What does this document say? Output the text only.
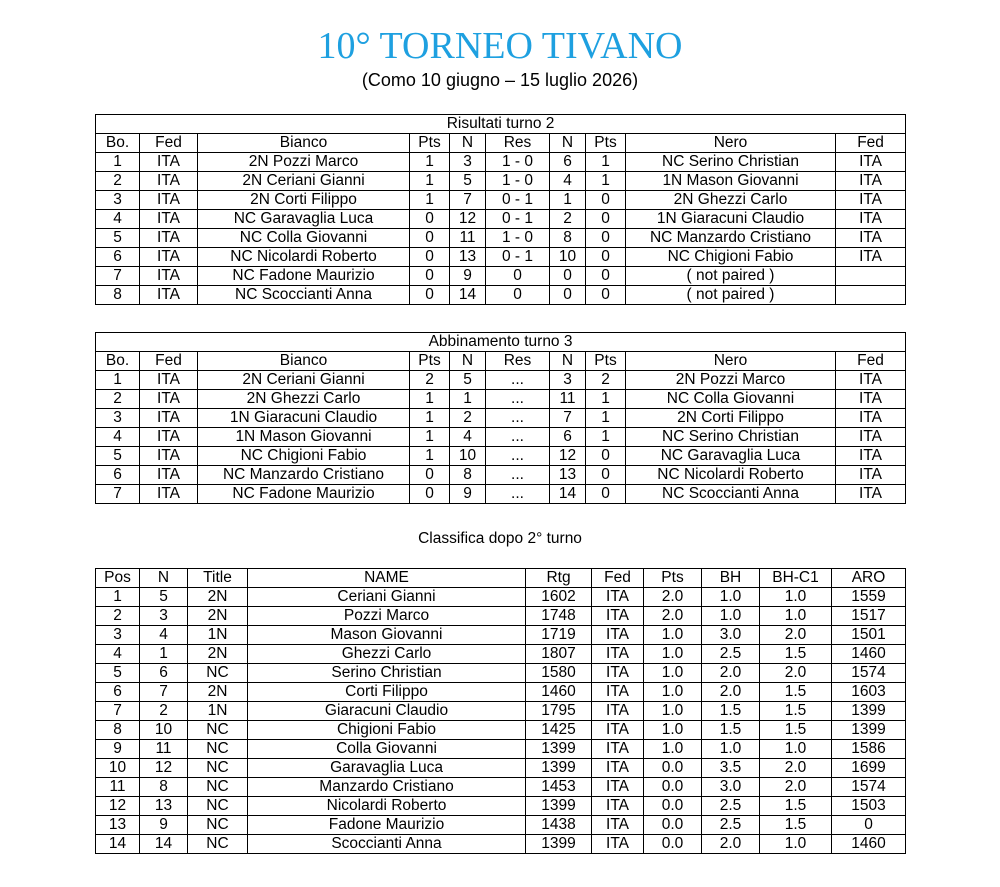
10° TORNEO TIVANO
(Como 10 giugno – 15 luglio 2026)
Risultati turno 2									
Bo.	Fed	Bianco	Pts	N	Res	N	Pts	Nero	Fed
1	ITA	2N Pozzi Marco	1	3	1 - 0	6	1	NC Serino Christian	ITA
2	ITA	2N Ceriani Gianni	1	5	1 - 0	4	1	1N Mason Giovanni	ITA
3	ITA	2N Corti Filippo	1	7	0 - 1	1	0	2N Ghezzi Carlo	ITA
4	ITA	NC Garavaglia Luca	0	12	0 - 1	2	0	1N Giaracuni Claudio	ITA
5	ITA	NC Colla Giovanni	0	11	1 - 0	8	0	NC Manzardo Cristiano	ITA
6	ITA	NC Nicolardi Roberto	0	13	0 - 1	10	0	NC Chigioni Fabio	ITA
7	ITA	NC Fadone Maurizio	0	9	0	0	0	( not paired )	
8	ITA	NC Scoccianti Anna	0	14	0	0	0	( not paired )	
Abbinamento turno 3									
Bo.	Fed	Bianco	Pts	N	Res	N	Pts	Nero	Fed
1	ITA	2N Ceriani Gianni	2	5	...	3	2	2N Pozzi Marco	ITA
2	ITA	2N Ghezzi Carlo	1	1	...	11	1	NC Colla Giovanni	ITA
3	ITA	1N Giaracuni Claudio	1	2	...	7	1	2N Corti Filippo	ITA
4	ITA	1N Mason Giovanni	1	4	...	6	1	NC Serino Christian	ITA
5	ITA	NC Chigioni Fabio	1	10	...	12	0	NC Garavaglia Luca	ITA
6	ITA	NC Manzardo Cristiano	0	8	...	13	0	NC Nicolardi Roberto	ITA
7	ITA	NC Fadone Maurizio	0	9	...	14	0	NC Scoccianti Anna	ITA
Classifica dopo 2° turno
Pos	N	Title	NAME	Rtg	Fed	Pts	BH	BH-C1	ARO
1	5	2N	Ceriani Gianni	1602	ITA	2.0	1.0	1.0	1559
2	3	2N	Pozzi Marco	1748	ITA	2.0	1.0	1.0	1517
3	4	1N	Mason Giovanni	1719	ITA	1.0	3.0	2.0	1501
4	1	2N	Ghezzi Carlo	1807	ITA	1.0	2.5	1.5	1460
5	6	NC	Serino Christian	1580	ITA	1.0	2.0	2.0	1574
6	7	2N	Corti Filippo	1460	ITA	1.0	2.0	1.5	1603
7	2	1N	Giaracuni Claudio	1795	ITA	1.0	1.5	1.5	1399
8	10	NC	Chigioni Fabio	1425	ITA	1.0	1.5	1.5	1399
9	11	NC	Colla Giovanni	1399	ITA	1.0	1.0	1.0	1586
10	12	NC	Garavaglia Luca	1399	ITA	0.0	3.5	2.0	1699
11	8	NC	Manzardo Cristiano	1453	ITA	0.0	3.0	2.0	1574
12	13	NC	Nicolardi Roberto	1399	ITA	0.0	2.5	1.5	1503
13	9	NC	Fadone Maurizio	1438	ITA	0.0	2.5	1.5	0
14	14	NC	Scoccianti Anna	1399	ITA	0.0	2.0	1.0	1460
